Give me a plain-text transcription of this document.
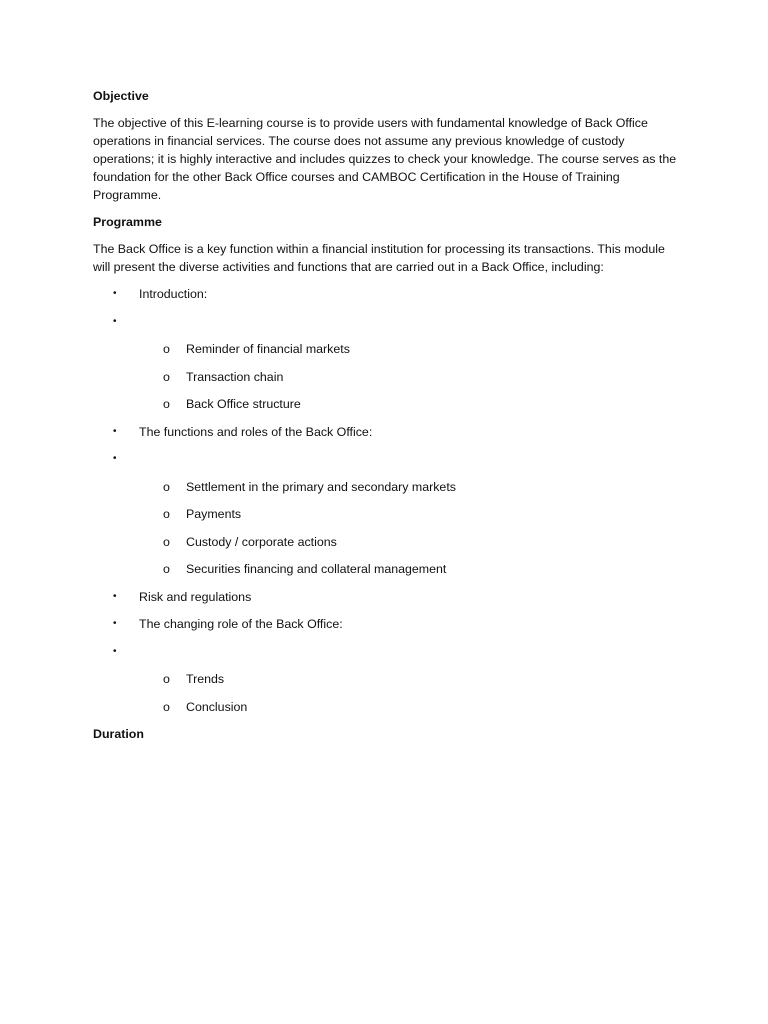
Objective
The objective of this E-learning course is to provide users with fundamental knowledge of Back Office operations in financial services. The course does not assume any previous knowledge of custody operations; it is highly interactive and includes quizzes to check your knowledge. The course serves as the foundation for the other Back Office courses and CAMBOC Certification in the House of Training Programme.
Programme
The Back Office is a key function within a financial institution for processing its transactions. This module will present the diverse activities and functions that are carried out in a Back Office, including:
• Introduction:
•
o Reminder of financial markets
o Transaction chain
o Back Office structure
• The functions and roles of the Back Office:
•
o Settlement in the primary and secondary markets
o Payments
o Custody / corporate actions
o Securities financing and collateral management
• Risk and regulations
• The changing role of the Back Office:
•
o Trends
o Conclusion
Duration
